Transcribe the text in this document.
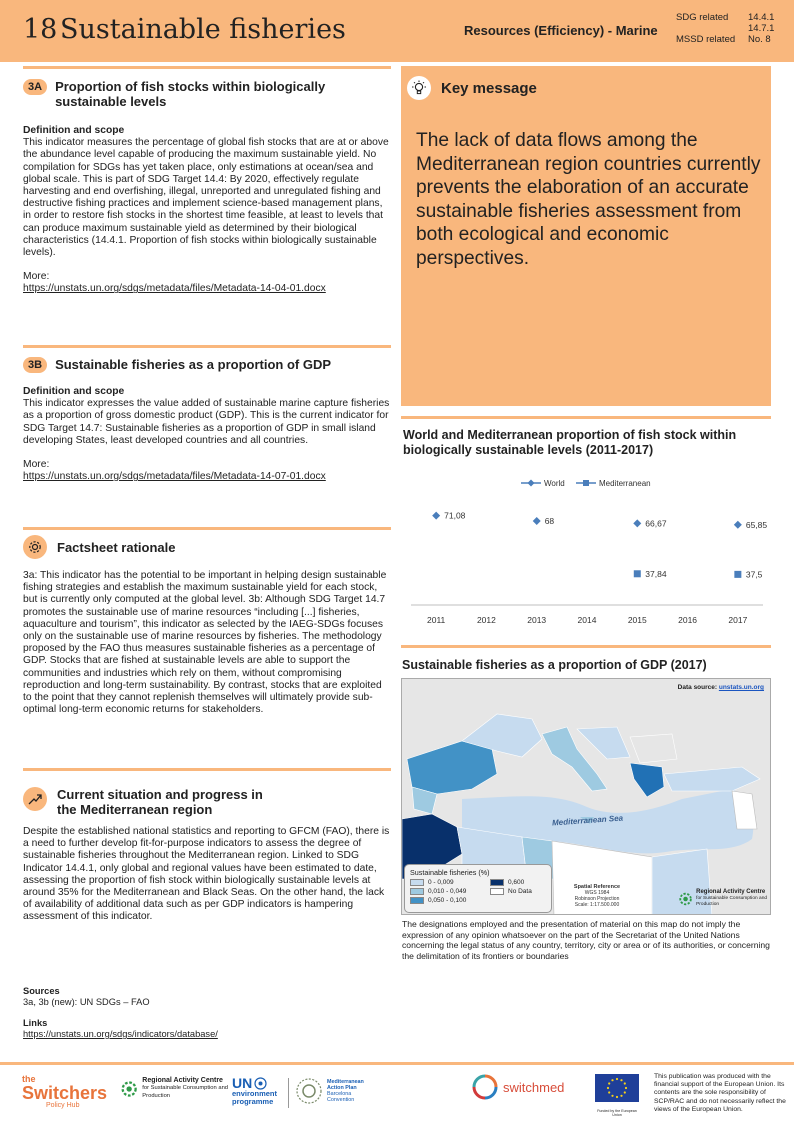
18 Sustainable fisheries	Resources (Efficiency) - Marine
SDG related	14.4.1
14.7.1
MSSD related	No. 8
3A	Proportion of fish stocks within biologically sustainable levels
Definition and scope
This indicator measures the percentage of global fish stocks that are at or above the abundance level capable of producing the maximum sustainable yield. No compilation for SDGs has yet taken place, only estimations at ocean/sea and global scale. This is part of SDG Target 14.4: By 2020, effectively regulate harvesting and end overfishing, illegal, unreported and unregulated fishing and destructive fishing practices and implement science-based management plans, in order to restore fish stocks in the shortest time feasible, at least to levels that can produce maximum sustainable yield as determined by their biological characteristics (14.4.1. Proportion of fish stocks within biologically sustainable levels).
More:
https://unstats.un.org/sdgs/metadata/files/Metadata-14-04-01.docx
3B	Sustainable fisheries as a proportion of GDP
Definition and scope
This indicator expresses the value added of sustainable marine capture fisheries as a proportion of gross domestic product (GDP). This is the current indicator for SDG Target 14.7: Sustainable fisheries as a proportion of GDP in small island developing States, least developed countries and all countries.
More:
https://unstats.un.org/sdgs/metadata/files/Metadata-14-07-01.docx
Factsheet rationale
3a: This indicator has the potential to be important in helping design sustainable fishing strategies and establish the maximum sustainable yield for each stock, but is currently only computed at the global level. 3b: Although SDG Target 14.7 promotes the sustainable use of marine resources “including [...] fisheries, aquaculture and tourism”, this indicator as selected by the IAEG-SDGs focuses only on the sustainable use of marine resources by fisheries. The methodology proposed by the FAO thus measures sustainable fisheries as a percentage of GDP. Stocks that are fished at sustainable levels are able to support the communities and industries which rely on them, without compromising reproduction and long-term sustainability. By contrast, stocks that are exploited to the point that they cannot replenish themselves will ultimately provide sub-optimal long-term economic returns for stakeholders.
Current situation and progress in
the Mediterranean region
Despite the established national statistics and reporting to GFCM (FAO), there is a need to further develop fit-for-purpose indicators to assess the degree of sustainable fisheries throughout the Mediterranean region. Linked to SDG Indicator 14.4.1, only global and regional values have been estimated to date, assessing the proportion of fish stock within biologically sustainable levels at around 35% for the Mediterranean and Black Seas. On the other hand, the lack of availability of additional data such as per GDP indicators is hampering assessment of this indicator.
Sources
3a, 3b (new): UN SDGs – FAO
Links
https://unstats.un.org/sdgs/indicators/database/
Key message
The lack of data flows among the Mediterranean region countries currently prevents the elaboration of an accurate sustainable fisheries assessment from both ecological and economic perspectives.
World and Mediterranean proportion of fish stock within biologically sustainable levels (2011-2017)
World	Mediterranean
2011	2012	2013	2014	2015	2016	2017
71,08
68	66,67	65,85
37,84	37,5
Sustainable fisheries as a proportion of GDP (2017)
Data source: unstats.un.org
Mediterranean Sea
Sustainable fisheries (%)
0 - 0,009	0,600
0,010 - 0,049	No Data
0,050 - 0,100
Spatial Reference
WGS 1984
Robinson Projection
Scale: 1:17.500.000
Regional Activity Centre
for Sustainable Consumption and Production
The designations employed and the presentation of material on this map do not imply the expression of any opinion whatsoever on the part of the Secretariat of the United Nations concerning the legal status of any country, territory, city or area or of its authorities, or concerning the delimitation of its frontiers or boundaries
the
Switchers
Policy Hub
Regional Activity Centre
for Sustainable Consumption and Production
UN
environment
programme
Mediterranean Action Plan
Barcelona Convention
switchmed
Funded by the European Union
This publication was produced with the financial support of the European Union. Its contents are the sole responsibility of SCP/RAC and do not necessarily reflect the views of the European Union.
